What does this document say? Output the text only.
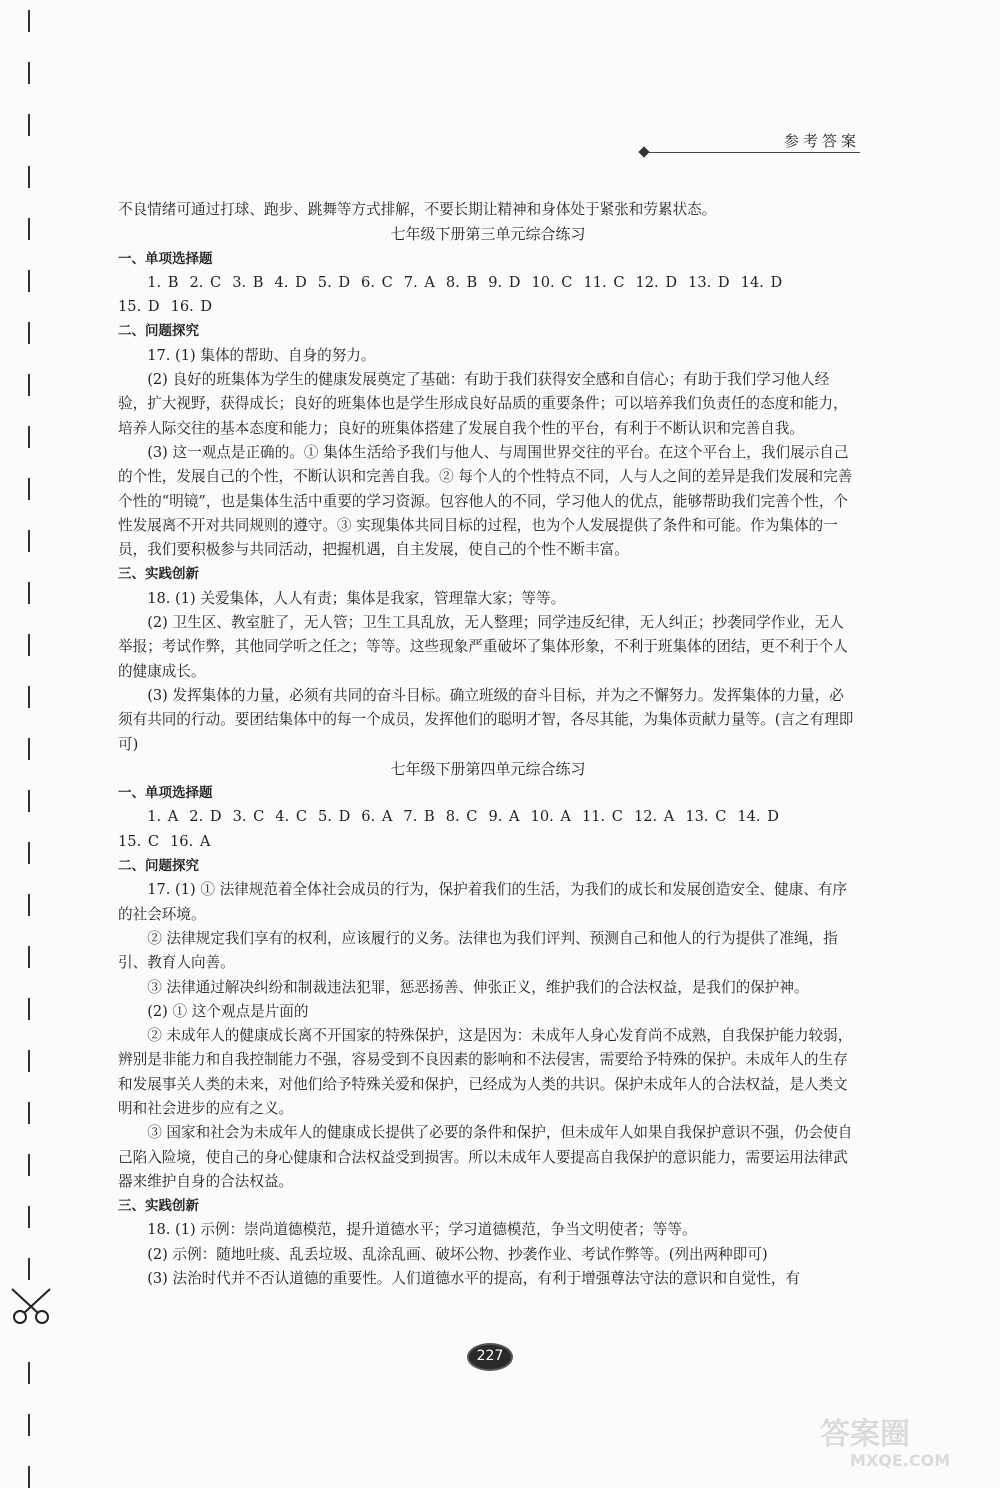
参考答案

不良情绪可通过打球、跑步、跳舞等方式排解，不要长期让精神和身体处于紧张和劳累状态。

七年级下册第三单元综合练习

一、单项选择题

1. B 2. C 3. B 4. D 5. D 6. C 7. A 8. B 9. D 10. C 11. C 12. D 13. D 14. D

15. D 16. D

二、问题探究

17. (1) 集体的帮助、自身的努力。

(2) 良好的班集体为学生的健康发展奠定了基础：有助于我们获得安全感和自信心；有助于我们学习他人经验，扩大视野，获得成长；良好的班集体也是学生形成良好品质的重要条件；可以培养我们负责任的态度和能力，培养人际交往的基本态度和能力；良好的班集体搭建了发展自我个性的平台，有利于不断认识和完善自我。

(3) 这一观点是正确的。① 集体生活给予我们与他人、与周围世界交往的平台。在这个平台上，我们展示自己的个性，发展自己的个性，不断认识和完善自我。② 每个人的个性特点不同，人与人之间的差异是我们发展和完善个性的“明镜”，也是集体生活中重要的学习资源。包容他人的不同，学习他人的优点，能够帮助我们完善个性，个性发展离不开对共同规则的遵守。③ 实现集体共同目标的过程，也为个人发展提供了条件和可能。作为集体的一员，我们要积极参与共同活动，把握机遇，自主发展，使自己的个性不断丰富。

三、实践创新

18. (1) 关爱集体，人人有责；集体是我家，管理靠大家；等等。

(2) 卫生区、教室脏了，无人管；卫生工具乱放，无人整理；同学违反纪律，无人纠正；抄袭同学作业，无人举报；考试作弊，其他同学听之任之；等等。这些现象严重破坏了集体形象，不利于班集体的团结，更不利于个人的健康成长。

(3) 发挥集体的力量，必须有共同的奋斗目标。确立班级的奋斗目标，并为之不懈努力。发挥集体的力量，必须有共同的行动。要团结集体中的每一个成员，发挥他们的聪明才智，各尽其能，为集体贡献力量等。(言之有理即可)

七年级下册第四单元综合练习

一、单项选择题

1. A 2. D 3. C 4. C 5. D 6. A 7. B 8. C 9. A 10. A 11. C 12. A 13. C 14. D

15. C 16. A

二、问题探究

17. (1) ① 法律规范着全体社会成员的行为，保护着我们的生活，为我们的成长和发展创造安全、健康、有序的社会环境。

② 法律规定我们享有的权利，应该履行的义务。法律也为我们评判、预测自己和他人的行为提供了准绳，指引、教育人向善。

③ 法律通过解决纠纷和制裁违法犯罪，惩恶扬善、伸张正义，维护我们的合法权益，是我们的保护神。

(2) ① 这个观点是片面的

② 未成年人的健康成长离不开国家的特殊保护，这是因为：未成年人身心发育尚不成熟，自我保护能力较弱，辨别是非能力和自我控制能力不强，容易受到不良因素的影响和不法侵害，需要给予特殊的保护。未成年人的生存和发展事关人类的未来，对他们给予特殊关爱和保护，已经成为人类的共识。保护未成年人的合法权益，是人类文明和社会进步的应有之义。

③ 国家和社会为未成年人的健康成长提供了必要的条件和保护，但未成年人如果自我保护意识不强，仍会使自己陷入险境，使自己的身心健康和合法权益受到损害。所以未成年人要提高自我保护的意识能力，需要运用法律武器来维护自身的合法权益。

三、实践创新

18. (1) 示例：崇尚道德模范，提升道德水平；学习道德模范，争当文明使者；等等。

(2) 示例：随地吐痰、乱丢垃圾、乱涂乱画、破坏公物、抄袭作业、考试作弊等。(列出两种即可)

(3) 法治时代并不否认道德的重要性。人们道德水平的提高，有利于增强尊法守法的意识和自觉性，有

227
答案圈
MXQE.COM
